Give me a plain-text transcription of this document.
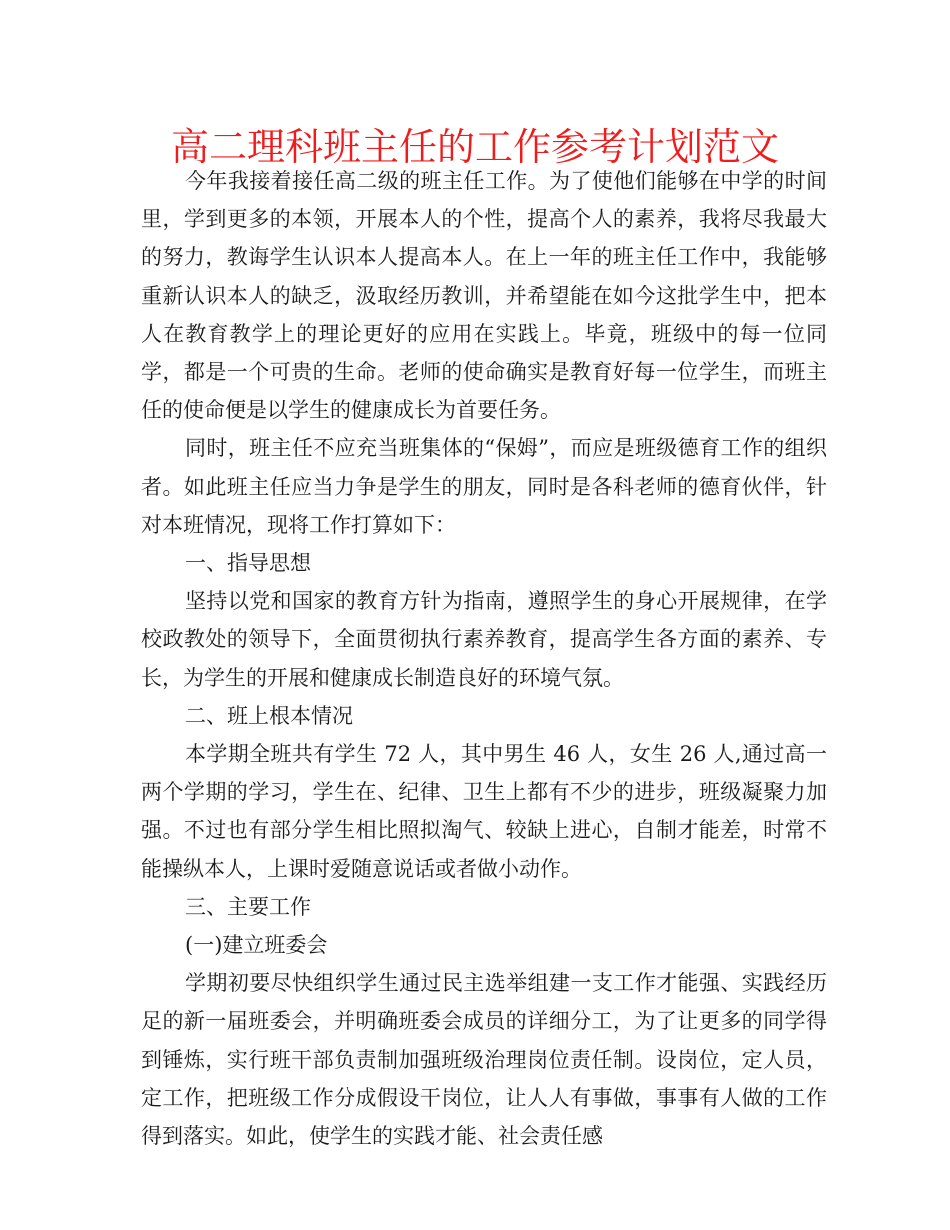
高二理科班主任的工作参考计划范文

今年我接着接任高二级的班主任工作。为了使他们能够在中学的时间里，学到更多的本领，开展本人的个性，提高个人的素养，我将尽我最大的努力，教诲学生认识本人提高本人。在上一年的班主任工作中，我能够重新认识本人的缺乏，汲取经历教训，并希望能在如今这批学生中，把本人在教育教学上的理论更好的应用在实践上。毕竟，班级中的每一位同学，都是一个可贵的生命。老师的使命确实是教育好每一位学生，而班主任的使命便是以学生的健康成长为首要任务。

同时，班主任不应充当班集体的“保姆”，而应是班级德育工作的组织者。如此班主任应当力争是学生的朋友，同时是各科老师的德育伙伴，针对本班情况，现将工作打算如下：

一、指导思想

坚持以党和国家的教育方针为指南，遵照学生的身心开展规律，在学校政教处的领导下，全面贯彻执行素养教育，提高学生各方面的素养、专长，为学生的开展和健康成长制造良好的环境气氛。

二、班上根本情况

本学期全班共有学生 72 人，其中男生 46 人，女生 26 人,通过高一两个学期的学习，学生在、纪律、卫生上都有不少的进步，班级凝聚力加强。不过也有部分学生相比照拟淘气、较缺上进心，自制才能差，时常不能操纵本人，上课时爱随意说话或者做小动作。

三、主要工作

(一)建立班委会

学期初要尽快组织学生通过民主选举组建一支工作才能强、实践经历足的新一届班委会，并明确班委会成员的详细分工，为了让更多的同学得到锤炼，实行班干部负责制加强班级治理岗位责任制。设岗位，定人员，定工作，把班级工作分成假设干岗位，让人人有事做，事事有人做的工作得到落实。如此，使学生的实践才能、社会责任感
